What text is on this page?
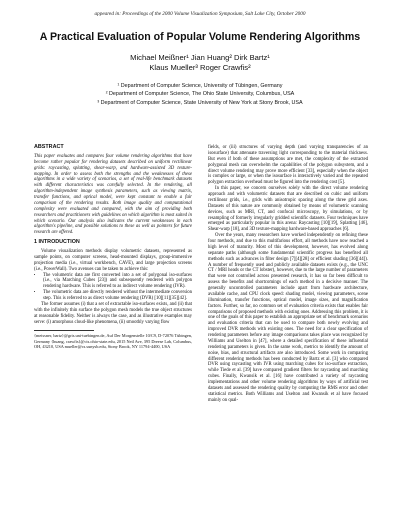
appeared in: Proceedings of the 2000 Volume Visualization Symposium, Salt Lake City, October 2000
A Practical Evaluation of Popular Volume Rendering Algorithms
Michael Meißner¹ Jian Huang² Dirk Bartz¹
Klaus Mueller³ Roger Crawfis²
¹ Department of Computer Science, University of Tübingen, Germany
² Department of Computer Science, The Ohio State University, Columbus, USA
³ Department of Computer Science, State University of New York at Stony Brook, USA
ABSTRACT

This paper evaluates and compares four volume rendering algorithms that have become rather popular for rendering datasets described on uniform rectilinear grids: raycasting, splatting, shear-warp, and hardware-assisted 3D texture-mapping. In order to assess both the strengths and the weaknesses of these algorithms in a wide variety of scenarios, a set of real-life benchmark datasets with different characteristics was carefully selected. In the rendering, all algorithm-independent image synthesis parameters, such as viewing matrix, transfer functions, and optical model, were kept constant to enable a fair comparison of the rendering results. Both image quality and computational complexity were evaluated and compared, with the aim of providing both researchers and practitioners with guidelines on which algorithm is most suited in which scenario. Our analysis also indicates the current weaknesses in each algorithm's pipeline, and possible solutions to these as well as pointers for future research are offered.

1 INTRODUCTION

Volume visualization methods display volumetric datasets, represented as sample points, on computer screens, head-mounted displays, group-immersive projection media (i.e., virtual workbench, CAVE), and large projection screens (i.e., PowerWall). Two avenues can be taken to achieve this:

• The volumetric data are first converted into a set of polygonal iso-surfaces (i.e., via Marching Cubes [23]) and subsequently rendered with polygon rendering hardware. This is referred to as indirect volume rendering (IVR).
• The volumetric data are directly rendered without the intermediate conversion step. This is referred to as direct volume rendering (DVR) [10][11][35][42].

The former assumes (i) that a set of extractable iso-surfaces exists, and (ii) that with the infinitely thin surface the polygon mesh models the true object structures at reasonable fidelity. Neither is always the case, and as illustrative examples may serve: (i) amorphous cloud-like phenomena, (ii) smoothly varying flow

{meissner, bartz}@gris.uni-tuebingen.de, Auf Der Morgenstelle 10/C9, D-72076 Tübingen, Germany {huang, crawfis}@cis.ohio-state.edu, 2015 Neil Ave, 395 Dreese Lab, Columbus, OH, 43210, USA mueller@cs.sunysb.edu, Stony Brook, NY 11794-4400, USA

fields, or (iii) structures of varying depth (and varying transparencies of an isosurface) that attenuate traversing light corresponding to the material thickness. But even if both of these assumptions are met, the complexity of the extracted polygonal mesh can overwhelm the capabilities of the polygon subsystem, and a direct volume rendering may prove more efficient [33], especially when the object is complex or large, or when the isosurface is interactively varied and the repeated polygon extraction overhead must be figured into the rendering cost [5].

In this paper, we concern ourselves solely with the direct volume rendering approach and with volumetric datasets that are described on cubic and uniform rectilinear grids, i.e., grids with anisotropic spacing along the three grid axes. Datasets of this nature are commonly obtained by means of volumetric scanning devices, such as MRI, CT, and confocal microscopy, by simulations, or by resampling of formerly irregularly gridded scientific datasets. Four techniques have emerged as particularly popular in this arena: Raycasting [10][19], Splatting [46], Shear-warp [18], and 3D texture-mapping hardware-based approaches [6].

Over the years, many researchers have worked independently on refining these four methods, and due to this multifarious effort, all methods have now reached a high level of maturity. Most of this development, however, has evolved along separate paths (although some fundamental scientific progress has benefited all methods such as advances in filter design [7][4][28] or efficient shading [36][44]). A number of frequently used and publicly available datasets exists (e.g., the UNC CT / MRI heads or the CT lobster), however, due to the large number of parameters that were not controlled across presented research, it has so far been difficult to assess the benefits and shortcomings of each method in a decisive manner. The generally uncontrolled parameters include apart from hardware architecture, available cache, and CPU clock speed: shading model, viewing parameters, scene illumination, transfer functions, optical model, image sizes, and magnification factors. Further, so far, no common set of evaluation criteria exists that enables fair comparisons of proposed methods with existing ones. Addressing this problem, it is one of the goals of this paper to establish an appropriate set of benchmark scenarios and evaluation criteria that can be used to compare both newly evolving and improved DVR methods with existing ones. The need for a clear specification of rendering parameters before any image comparisons takes place was recognized by Williams and Uselton in [47], where a detailed specification of these influential rendering parameters is given. In the same work, metrics to identify the amount of noise, bias, and structural artifacts are also introduced. Some work in comparing different rendering methods has been conducted by Bartz et al. [3] who compared DVR using raycasting with IVR using marching cubes for iso-surface extraction, while Tiede et al. [39] have compared gradient filters for raycasting and marching cubes. Finally, Kwansik et al. [16] have contributed a variety of raycasting implementations and other volume rendering algorithms by ways of artificial test datasets and assessed the rendering quality by computing the RMS error and other statistical metrics. Both Williams and Uselton and Kwansik et al have focused mainly on qual-
